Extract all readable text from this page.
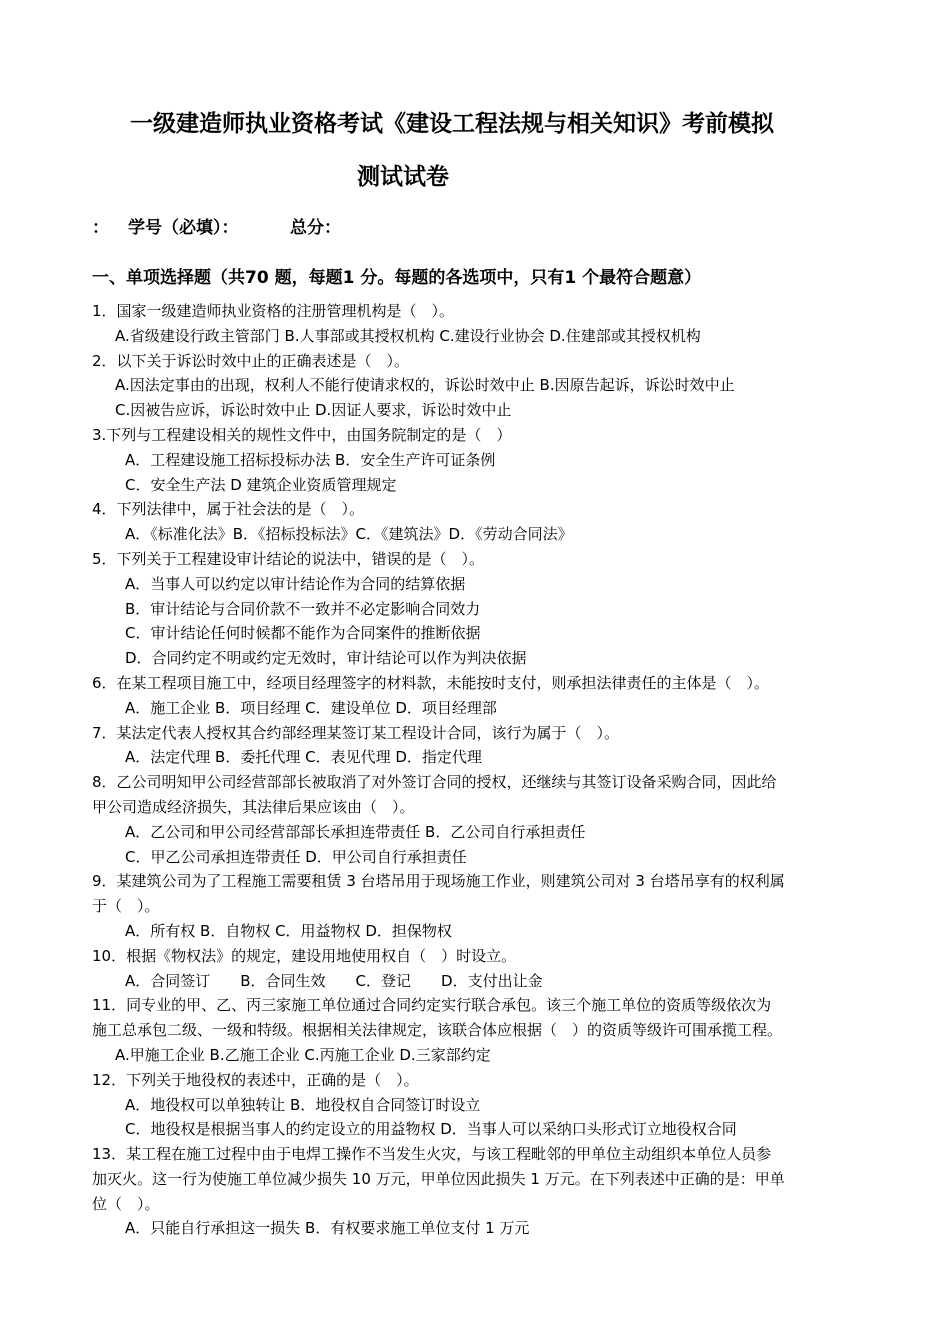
一级建造师执业资格考试《建设工程法规与相关知识》考前模拟
测试试卷
： 学号（必填）：	总分：
一、单项选择题（共70 题，每题1 分。每题的各选项中，只有1 个最符合题意）
1．国家一级建造师执业资格的注册管理机构是（　）。
A.省级建设行政主管部门 B.人事部或其授权机构 C.建设行业协会 D.住建部或其授权机构
2．以下关于诉讼时效中止的正确表述是（　）。
A.因法定事由的出现，权利人不能行使请求权的，诉讼时效中止 B.因原告起诉，诉讼时效中止
C.因被告应诉，诉讼时效中止 D.因证人要求，诉讼时效中止
3.下列与工程建设相关的规性文件中，由国务院制定的是（　）
A．工程建设施工招标投标办法 B．安全生产许可证条例
C．安全生产法 D 建筑企业资质管理规定
4．下列法律中，属于社会法的是（　）。
A．《标准化法》B．《招标投标法》C．《建筑法》D．《劳动合同法》
5．下列关于工程建设审计结论的说法中，错误的是（　）。
A．当事人可以约定以审计结论作为合同的结算依据
B．审计结论与合同价款不一致并不必定影响合同效力
C．审计结论任何时候都不能作为合同案件的推断依据
D．合同约定不明或约定无效时，审计结论可以作为判决依据
6．在某工程项目施工中，经项目经理签字的材料款，未能按时支付，则承担法律责任的主体是（　）。
A．施工企业 B．项目经理 C．建设单位 D．项目经理部
7．某法定代表人授权其合约部经理某签订某工程设计合同，该行为属于（　）。
A．法定代理 B．委托代理 C．表见代理 D．指定代理
8．乙公司明知甲公司经营部部长被取消了对外签订合同的授权，还继续与其签订设备采购合同，因此给
甲公司造成经济损失，其法律后果应该由（　）。
A．乙公司和甲公司经营部部长承担连带责任 B．乙公司自行承担责任
C．甲乙公司承担连带责任 D．甲公司自行承担责任
9．某建筑公司为了工程施工需要租赁 3 台塔吊用于现场施工作业，则建筑公司对 3 台塔吊享有的权利属
于（　）。
A．所有权 B．自物权 C．用益物权 D．担保物权
10．根据《物权法》的规定，建设用地使用权自（　）时设立。
A．合同签订　　B．合同生效　　C．登记　　D．支付出让金
11．同专业的甲、乙、丙三家施工单位通过合同约定实行联合承包。该三个施工单位的资质等级依次为
施工总承包二级、一级和特级。根据相关法律规定，该联合体应根据（　）的资质等级许可围承揽工程。
A.甲施工企业 B.乙施工企业 C.丙施工企业 D.三家部约定
12．下列关于地役权的表述中，正确的是（　）。
A．地役权可以单独转让 B．地役权自合同签订时设立
C．地役权是根据当事人的约定设立的用益物权 D．当事人可以采纳口头形式订立地役权合同
13．某工程在施工过程中由于电焊工操作不当发生火灾，与该工程毗邻的甲单位主动组织本单位人员参
加灭火。这一行为使施工单位减少损失 10 万元，甲单位因此损失 1 万元。在下列表述中正确的是：甲单
位（　）。
A．只能自行承担这一损失 B．有权要求施工单位支付 1 万元
